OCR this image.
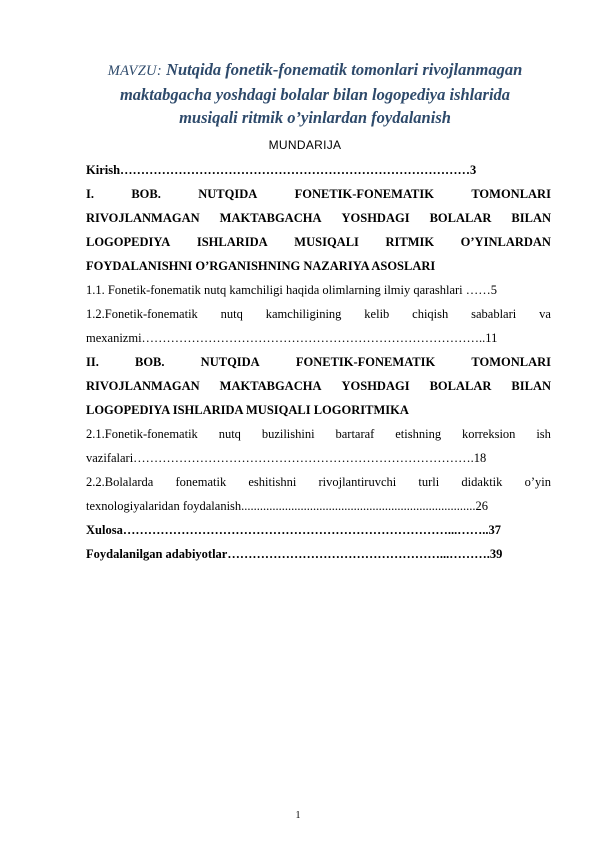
MAVZU: Nutqida fonetik-fonematik tomonlari rivojlanmagan
maktabgacha yoshdagi bolalar bilan logopediya ishlarida
musiqali ritmik o’yinlardan foydalanish
MUNDARIJA
Kirish…………………………………………………………………………3
I.	BOB.	NUTQIDA	FONETIK-FONEMATIK	TOMONLARI
RIVOJLANMAGAN MAKTABGACHA YOSHDAGI BOLALAR BILAN
LOGOPEDIYA ISHLARIDA MUSIQALI RITMIK O’YINLARDAN
FOYDALANISHNI O’RGANISHNING NAZARIYA ASOSLARI
1.1. Fonetik-fonematik nutq kamchiligi haqida olimlarning ilmiy qarashlari ……5
1.2.Fonetik-fonematik nutq kamchiligining kelib chiqish sabablari va
mexanizmi………………………………………………………………………..11
II.	BOB.	NUTQIDA	FONETIK-FONEMATIK	TOMONLARI
RIVOJLANMAGAN MAKTABGACHA YOSHDAGI BOLALAR BILAN
LOGOPEDIYA ISHLARIDA MUSIQALI LOGORITMIKA
2.1.Fonetik-fonematik nutq buzilishini bartaraf etishning korreksion ish
vazifalari……………………………………………………………………….18
2.2.Bolalarda fonematik eshitishni rivojlantiruvchi turli didaktik o’yin
texnologiyalaridan foydalanish...........................................................................26
Xulosa……………………………………………………………………...……..37
Foydalanilgan adabiyotlar……………………………………………...……….39
1
